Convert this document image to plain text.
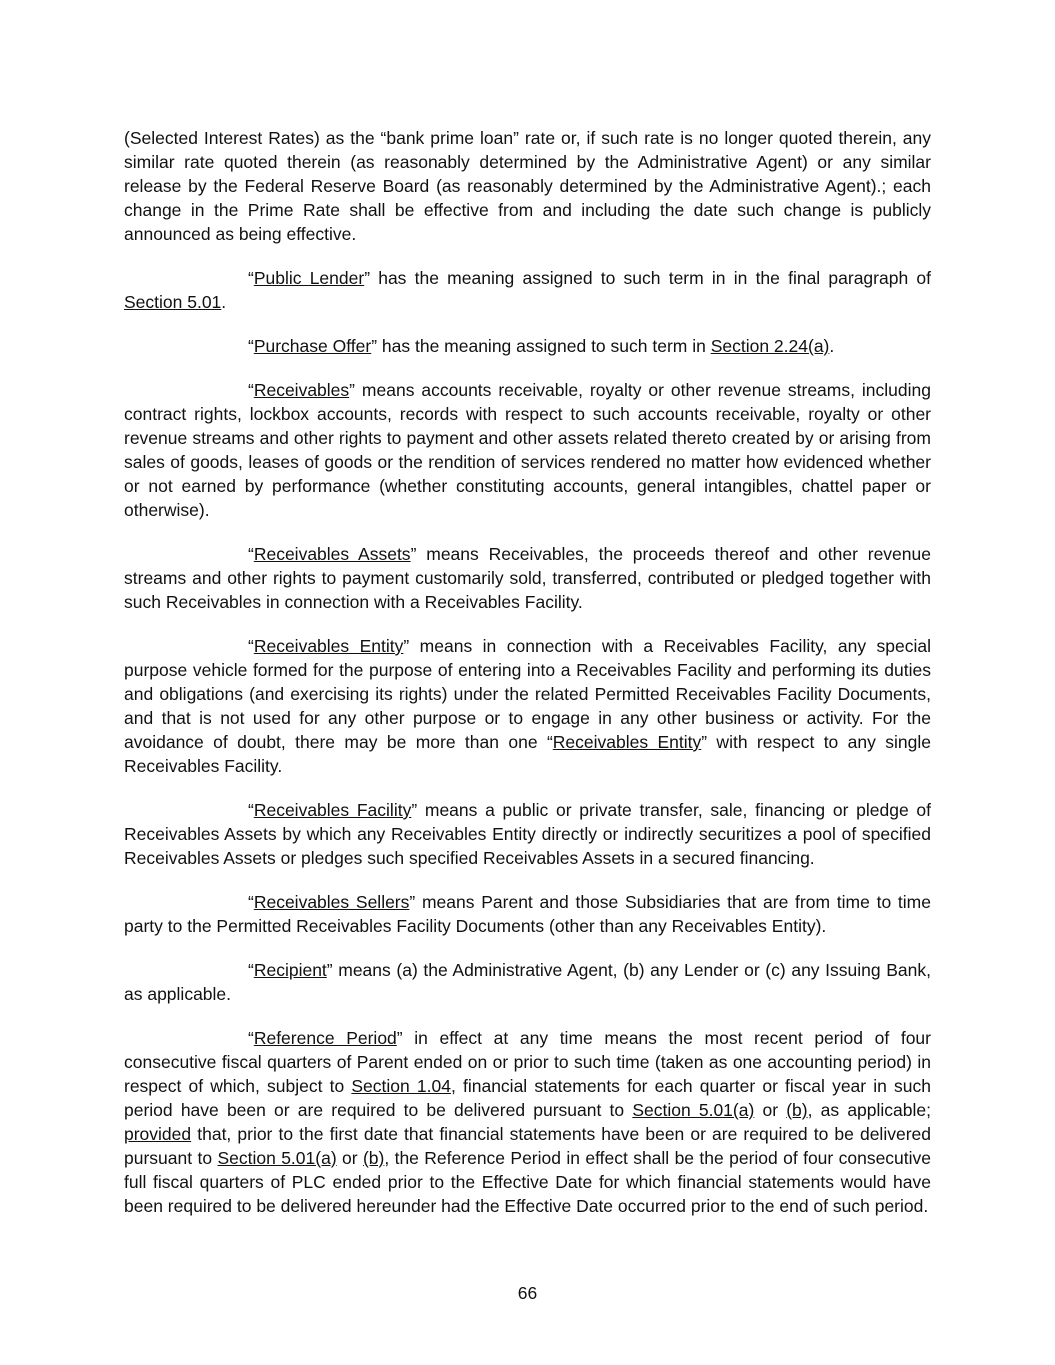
(Selected Interest Rates) as the “bank prime loan” rate or, if such rate is no longer quoted therein, any similar rate quoted therein (as reasonably determined by the Administrative Agent) or any similar release by the Federal Reserve Board (as reasonably determined by the Administrative Agent).; each change in the Prime Rate shall be effective from and including the date such change is publicly announced as being effective.

“Public Lender” has the meaning assigned to such term in in the final paragraph of Section 5.01.

“Purchase Offer” has the meaning assigned to such term in Section 2.24(a).

“Receivables” means accounts receivable, royalty or other revenue streams, including contract rights, lockbox accounts, records with respect to such accounts receivable, royalty or other revenue streams and other rights to payment and other assets related thereto created by or arising from sales of goods, leases of goods or the rendition of services rendered no matter how evidenced whether or not earned by performance (whether constituting accounts, general intangibles, chattel paper or otherwise).

“Receivables Assets” means Receivables, the proceeds thereof and other revenue streams and other rights to payment customarily sold, transferred, contributed or pledged together with such Receivables in connection with a Receivables Facility.

“Receivables Entity” means in connection with a Receivables Facility, any special purpose vehicle formed for the purpose of entering into a Receivables Facility and performing its duties and obligations (and exercising its rights) under the related Permitted Receivables Facility Documents, and that is not used for any other purpose or to engage in any other business or activity. For the avoidance of doubt, there may be more than one “Receivables Entity” with respect to any single Receivables Facility.

“Receivables Facility” means a public or private transfer, sale, financing or pledge of Receivables Assets by which any Receivables Entity directly or indirectly securitizes a pool of specified Receivables Assets or pledges such specified Receivables Assets in a secured financing.

“Receivables Sellers” means Parent and those Subsidiaries that are from time to time party to the Permitted Receivables Facility Documents (other than any Receivables Entity).

“Recipient” means (a) the Administrative Agent, (b) any Lender or (c) any Issuing Bank, as applicable.

“Reference Period” in effect at any time means the most recent period of four consecutive fiscal quarters of Parent ended on or prior to such time (taken as one accounting period) in respect of which, subject to Section 1.04, financial statements for each quarter or fiscal year in such period have been or are required to be delivered pursuant to Section 5.01(a) or (b), as applicable; provided that, prior to the first date that financial statements have been or are required to be delivered pursuant to Section 5.01(a) or (b), the Reference Period in effect shall be the period of four consecutive full fiscal quarters of PLC ended prior to the Effective Date for which financial statements would have been required to be delivered hereunder had the Effective Date occurred prior to the end of such period.

66
